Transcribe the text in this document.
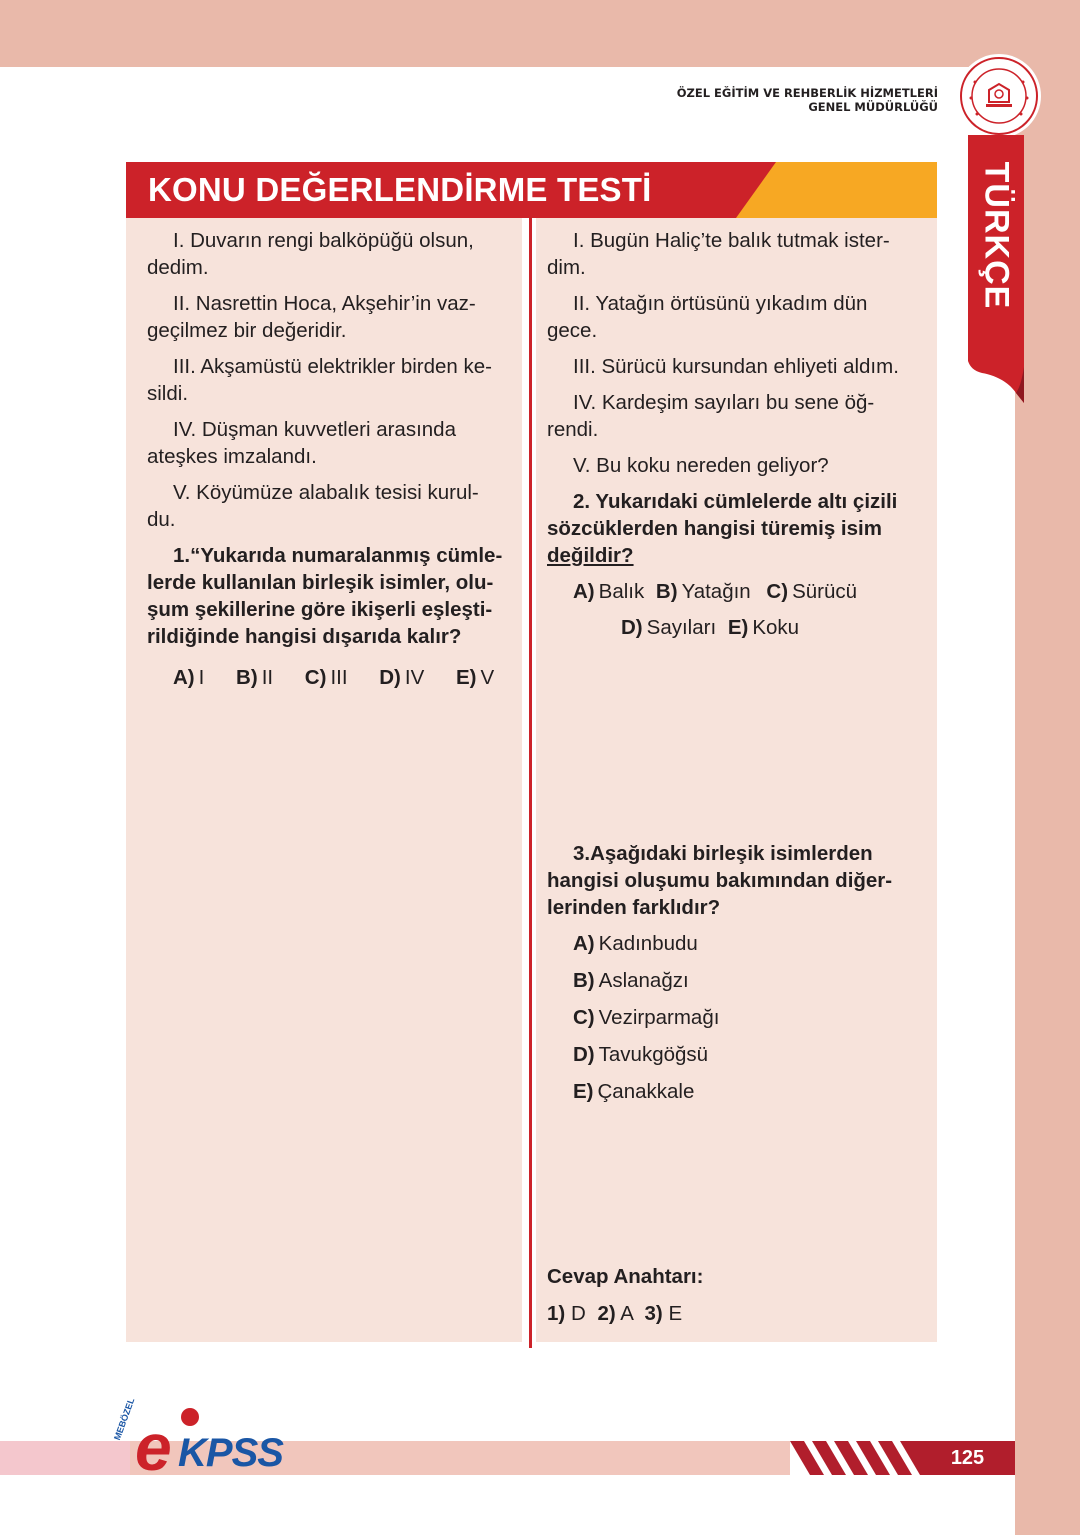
ÖZEL EĞİTİM VE REHBERLİK HİZMETLERİ
GENEL MÜDÜRLÜĞÜ
TÜRKÇE
KONU DEĞERLENDİRME TESTİ
I. Duvarın rengi balköpüğü olsun,
dedim.
II. Nasrettin Hoca, Akşehir’in vaz-
geçilmez bir değeridir.
III. Akşamüstü elektrikler birden ke-
sildi.
IV. Düşman kuvvetleri arasında
ateşkes imzalandı.
V. Köyümüze alabalık tesisi kurul-
du.
1.“Yukarıda numaralanmış cümle-
lerde kullanılan birleşik isimler, olu-
şum şekillerine göre ikişerli eşleşti-
rildiğinde hangisi dışarıda kalır?
A) I B) II C) III D) IV E) V
I. Bugün Haliç’te balık tutmak ister-
dim.
II. Yatağın örtüsünü yıkadım dün
gece.
III. Sürücü kursundan ehliyeti aldım.
IV. Kardeşim sayıları bu sene öğ-
rendi.
V. Bu koku nereden geliyor?
2. Yukarıdaki cümlelerde altı çizili
sözcüklerden hangisi türemiş isim
değildir?
A) Balık B) Yatağın C) Sürücü
D) Sayıları E) Koku
3.Aşağıdaki birleşik isimlerden
hangisi oluşumu bakımından diğer-
lerinden farklıdır?
A) Kadınbudu
B) Aslanağzı
C) Vezirparmağı
D) Tavukgöğsü
E) Çanakkale
Cevap Anahtarı:
1) D 2) A 3) E
125
e KPSS
MEBÖZEL
